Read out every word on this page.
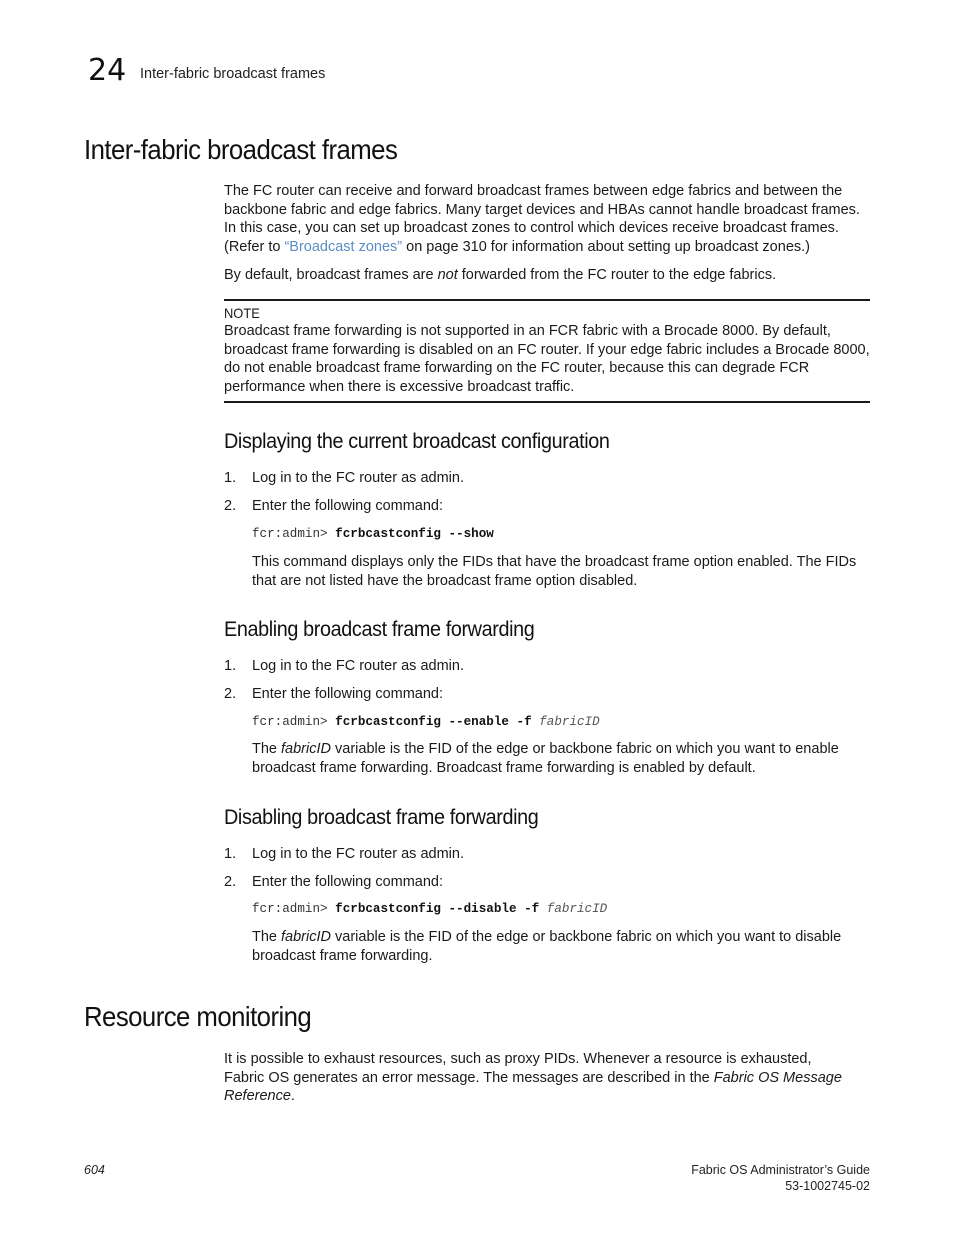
24 Inter-fabric broadcast frames
Inter-fabric broadcast frames

The FC router can receive and forward broadcast frames between edge fabrics and between the backbone fabric and edge fabrics. Many target devices and HBAs cannot handle broadcast frames. In this case, you can set up broadcast zones to control which devices receive broadcast frames. (Refer to “Broadcast zones” on page 310 for information about setting up broadcast zones.)

By default, broadcast frames are not forwarded from the FC router to the edge fabrics.

NOTE

Broadcast frame forwarding is not supported in an FCR fabric with a Brocade 8000. By default, broadcast frame forwarding is disabled on an FC router. If your edge fabric includes a Brocade 8000, do not enable broadcast frame forwarding on the FC router, because this can degrade FCR performance when there is excessive broadcast traffic.

Displaying the current broadcast configuration
1. Log in to the FC router as admin.
2. Enter the following command:
fcr:admin> fcrbcastconfig --show

This command displays only the FIDs that have the broadcast frame option enabled. The FIDs that are not listed have the broadcast frame option disabled.

Enabling broadcast frame forwarding
1. Log in to the FC router as admin.
2. Enter the following command:
fcr:admin> fcrbcastconfig --enable -f fabricID

The fabricID variable is the FID of the edge or backbone fabric on which you want to enable broadcast frame forwarding. Broadcast frame forwarding is enabled by default.

Disabling broadcast frame forwarding
1. Log in to the FC router as admin.
2. Enter the following command:
fcr:admin> fcrbcastconfig --disable -f fabricID

The fabricID variable is the FID of the edge or backbone fabric on which you want to disable broadcast frame forwarding.

Resource monitoring

It is possible to exhaust resources, such as proxy PIDs. Whenever a resource is exhausted, Fabric OS generates an error message. The messages are described in the Fabric OS Message Reference.

604	Fabric OS Administrator’s Guide
53-1002745-02
